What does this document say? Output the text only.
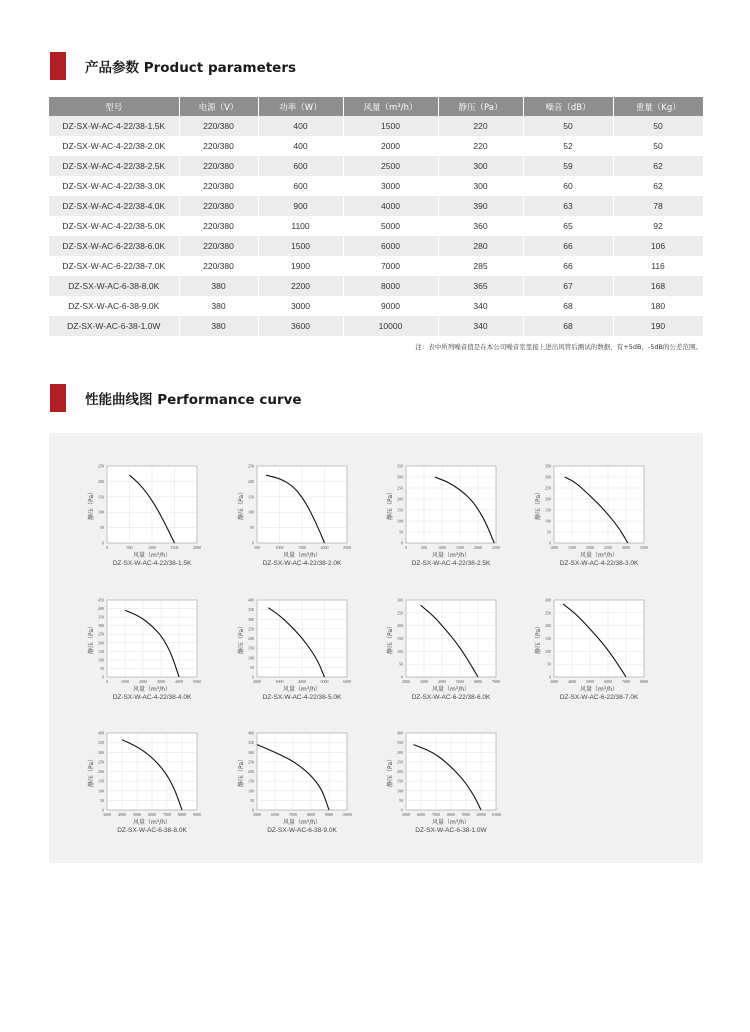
产品参数 Product parameters
型号	电源（V）	功率（W）	风量（m³/h）	静压（Pa）	噪音（dB）	重量（Kg）
DZ-SX-W-AC-4-22/38-1.5K	220/380	400	1500	220	50	50
DZ-SX-W-AC-4-22/38-2.0K	220/380	400	2000	220	52	50
DZ-SX-W-AC-4-22/38-2.5K	220/380	600	2500	300	59	62
DZ-SX-W-AC-4-22/38-3.0K	220/380	600	3000	300	60	62
DZ-SX-W-AC-4-22/38-4.0K	220/380	900	4000	390	63	78
DZ-SX-W-AC-4-22/38-5.0K	220/380	1100	5000	360	65	92
DZ-SX-W-AC-6-22/38-6.0K	220/380	1500	6000	280	66	106
DZ-SX-W-AC-6-22/38-7.0K	220/380	1900	7000	285	66	116
DZ-SX-W-AC-6-38-8.0K	380	2200	8000	365	67	168
DZ-SX-W-AC-6-38-9.0K	380	3000	9000	340	68	180
DZ-SX-W-AC-6-38-1.0W	380	3600	10000	340	68	190
注：表中所列噪音值是在本公司噪音室里接上进出风管后测试的数据，有+5dB，-5dB的公差范围。
性能曲线图 Performance curve
0
50
100
150
200
250
0	500	1000	1500	2000
静压（Pa）
风量（m³/h）
DZ-SX-W-AC-4-22/38-1.5K
0
50
100
150
200
250
500	1000	1500	2000	2500
静压（Pa）
风量（m³/h）
DZ-SX-W-AC-4-22/38-2.0K
0
50
100
150
200
250
300
350
0	500	1000	1500	2000	2500
静压（Pa）
风量（m³/h）
DZ-SX-W-AC-4-22/38-2.5K
0
50
100
150
200
250
300
350
1000	1500	2000	2500	3000	3500
静压（Pa）
风量（m³/h）
DZ-SX-W-AC-4-22/38-3.0K
0
50
100
150
200
250
300
350
400
450
0	1000	2000	3000	4000	5000
静压（Pa）
风量（m³/h）
DZ-SX-W-AC-4-22/38-4.0K
0
50
100
150
200
250
300
350
400
2000	3000	4000	5000	6000
静压（Pa）
风量（m³/h）
DZ-SX-W-AC-4-22/38-5.0K
0
50
100
150
200
250
300
2000	3000	4000	5000	6000	7000
静压（Pa）
风量（m³/h）
DZ-SX-W-AC-6-22/38-6.0K
0
50
100
150
200
250
300
3000	4000	5000	6000	7000	8000
静压（Pa）
风量（m³/h）
DZ-SX-W-AC-6-22/38-7.0K
0
50
100
150
200
250
300
350
400
3000 4000 5000 6000 7000 8000 9000
静压（Pa）
风量（m³/h）
DZ-SX-W-AC-6-38-8.0K
0
50
100
150
200
250
300
350
400
5000	6000	7000	8000	9000 10000
静压（Pa）
风量（m³/h）
DZ-SX-W-AC-6-38-9.0K
0
50
100
150
200
250
300
350
400
5000 6000 7000 8000 9000 10000 11000
静压（Pa）
风量（m³/h）
DZ-SX-W-AC-6-38-1.0W
